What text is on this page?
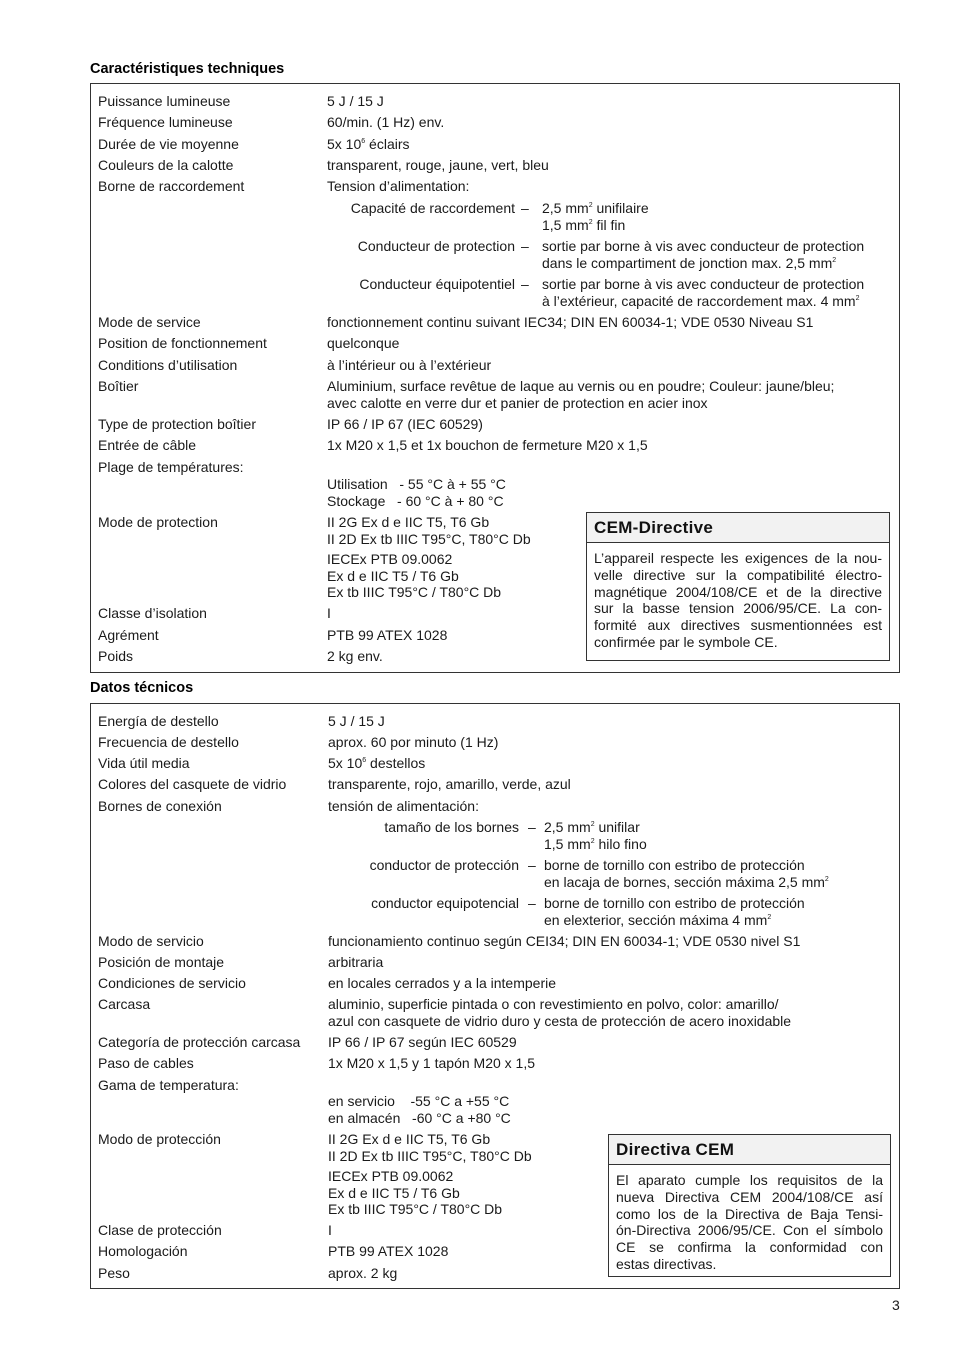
Caractéristiques techniques
Puissance lumineuse	5 J / 15 J
Fréquence lumineuse	60/min. (1 Hz) env.
Durée de vie moyenne	5x $10^6$ éclairs
Couleurs de la calotte	transparent, rouge, jaune, vert, bleu
Borne de raccordement	Tension d’alimentation:
Capacité de raccordement – 2,5 $mm^2$ unifilaire
1,5 $mm^2$ fil fin
Conducteur de protection – sortie par borne à vis avec conducteur de protection
dans le compartiment de jonction max. 2,5 $mm^2$
Conducteur équipotentiel – sortie par borne à vis avec conducteur de protection
à l’extérieur, capacité de raccordement max. 4 $mm^2$
Mode de service	fonctionnement continu suivant IEC34; DIN EN 60034-1; VDE 0530 Niveau S1
Position de fonctionnement	quelconque
Conditions d’utilisation	à l’intérieur ou à l’extérieur
Boîtier	Aluminium, surface revêtue de laque au vernis ou en poudre; Couleur: jaune/bleu;
avec calotte en verre dur et panier de protection en acier inox
Type de protection boîtier	IP 66 / IP 67 (IEC 60529)
Entrée de câble	1x M20 x 1,5 et 1x bouchon de fermeture M20 x 1,5
Plage de températures:
Utilisation   - 55 °C à + 55 °C
Stockage   - 60 °C à + 80 °C
Mode de protection	II 2G Ex d e IIC T5, T6 Gb
II 2D Ex tb IIIC T95°C, T80°C Db
IECEx PTB 09.0062
Ex d e IIC T5 / T6 Gb
Ex tb IIIC T95°C / T80°C Db
Classe d’isolation	I
Agrément	PTB 99 ATEX 1028
Poids	2 kg env.
CEM-Directive
L’appareil respecte les exigences de la nou-
velle directive sur la compatibilité électro-
magnétique 2004/108/CE et de la directive
sur la basse tension 2006/95/CE. La con-
formité aux directives susmentionnées est
confirmée par le symbole CE.
Datos técnicos
Energía de destello	5 J / 15 J
Frecuencia de destello	aprox. 60 por minuto (1 Hz)
Vida útil media	5x $10^6$ destellos
Colores del casquete de vidrio	transparente, rojo, amarillo, verde, azul
Bornes de conexión	tensión de alimentación:
tamaño de los bornes – 2,5 $mm^2$ unifilar
1,5 $mm^2$ hilo fino
conductor de protección – borne de tornillo con estribo de protección
en lacaja de bornes, sección máxima 2,5 $mm^2$
conductor equipotencial – borne de tornillo con estribo de protección
en elexterior, sección máxima 4 $mm^2$
Modo de servicio	funcionamiento continuo según CEI34; DIN EN 60034-1; VDE 0530 nivel S1
Posición de montaje	arbitraria
Condiciones de servicio	en locales cerrados y a la intemperie
Carcasa	aluminio, superficie pintada o con revestimiento en polvo, color: amarillo/
azul con casquete de vidrio duro y cesta de protección de acero inoxidable
Categoría de protección carcasa IP 66 / IP 67 según IEC 60529
Paso de cables	1x M20 x 1,5 y 1 tapón M20 x 1,5
Gama de temperatura:
en servicio    -55 °C a +55 °C
en almacén   -60 °C a +80 °C
Modo de protección	II 2G Ex d e IIC T5, T6 Gb
II 2D Ex tb IIIC T95°C, T80°C Db
IECEx PTB 09.0062
Ex d e IIC T5 / T6 Gb
Ex tb IIIC T95°C / T80°C Db
Clase de protección	I
Homologación	PTB 99 ATEX 1028
Peso	aprox. 2 kg
Directiva CEM
El aparato cumple los requisitos de la
nueva Directiva CEM 2004/108/CE así
como los de la Directiva de Baja Tensi-
ón-Directiva 2006/95/CE. Con el símbolo
CE se confirma la conformidad con
estas directivas.
3
